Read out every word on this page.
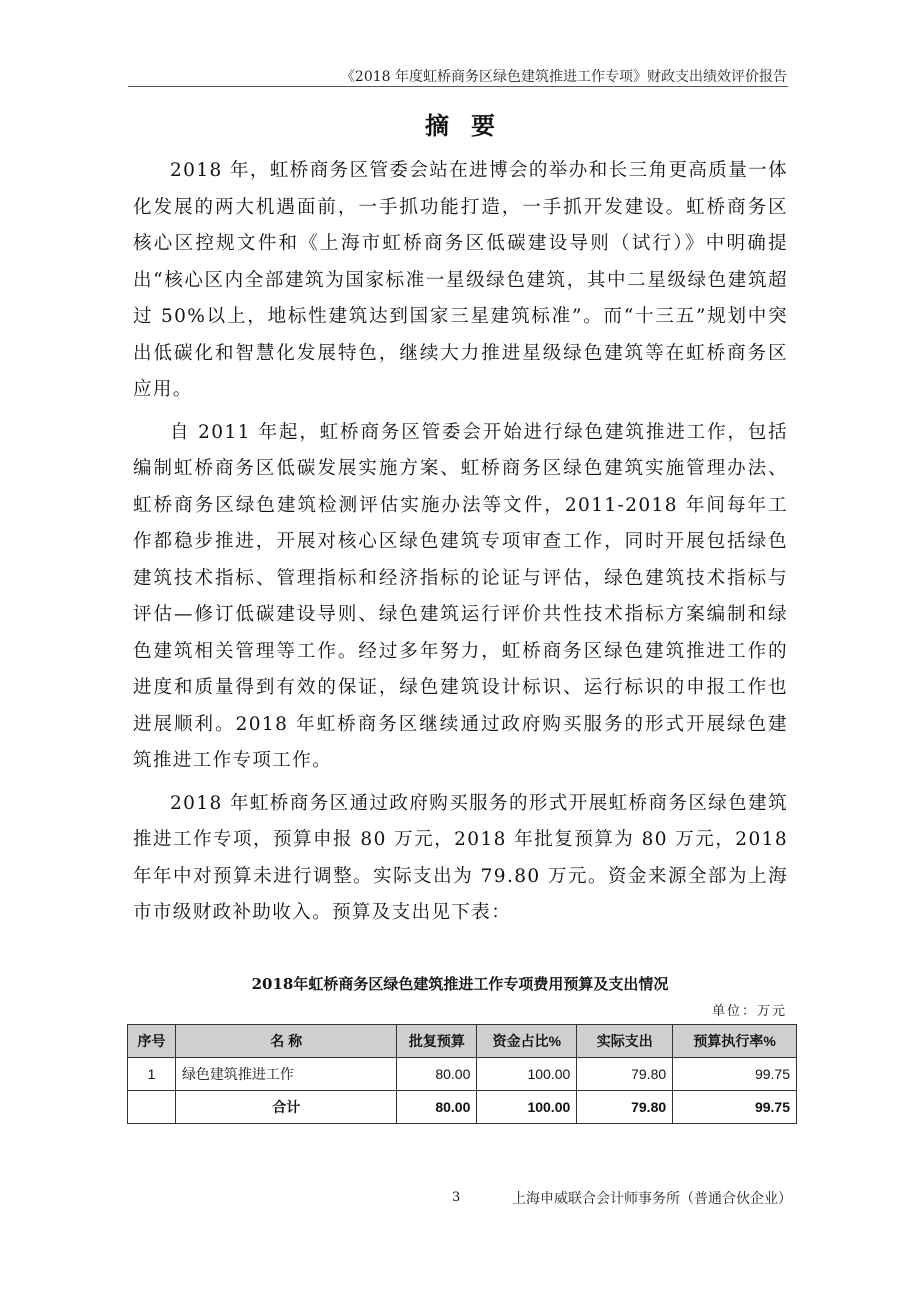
《2018 年度虹桥商务区绿色建筑推进工作专项》财政支出绩效评价报告
摘要

2018 年，虹桥商务区管委会站在进博会的举办和长三角更高质量一体化发展的两大机遇面前，一手抓功能打造，一手抓开发建设。虹桥商务区核心区控规文件和《上海市虹桥商务区低碳建设导则（试行）》中明确提出“核心区内全部建筑为国家标准一星级绿色建筑，其中二星级绿色建筑超过 50%以上，地标性建筑达到国家三星建筑标准”。而“十三五”规划中突出低碳化和智慧化发展特色，继续大力推进星级绿色建筑等在虹桥商务区应用。

自 2011 年起，虹桥商务区管委会开始进行绿色建筑推进工作，包括编制虹桥商务区低碳发展实施方案、虹桥商务区绿色建筑实施管理办法、虹桥商务区绿色建筑检测评估实施办法等文件，2011-2018 年间每年工作都稳步推进，开展对核心区绿色建筑专项审查工作，同时开展包括绿色建筑技术指标、管理指标和经济指标的论证与评估，绿色建筑技术指标与评估—修订低碳建设导则、绿色建筑运行评价共性技术指标方案编制和绿色建筑相关管理等工作。经过多年努力，虹桥商务区绿色建筑推进工作的进度和质量得到有效的保证，绿色建筑设计标识、运行标识的申报工作也进展顺利。2018 年虹桥商务区继续通过政府购买服务的形式开展绿色建筑推进工作专项工作。

2018 年虹桥商务区通过政府购买服务的形式开展虹桥商务区绿色建筑推进工作专项，预算申报 80 万元，2018 年批复预算为 80 万元，2018 年年中对预算未进行调整。实际支出为 79.80 万元。资金来源全部为上海市市级财政补助收入。预算及支出见下表：

2018年虹桥商务区绿色建筑推进工作专项费用预算及支出情况
单位：万元
序号	名 称	批复预算	资金占比%	实际支出	预算执行率%
1	绿色建筑推进工作	80.00	100.00	79.80	99.75
	合计	80.00	100.00	79.80	99.75
3	上海申威联合会计师事务所（普通合伙企业）
